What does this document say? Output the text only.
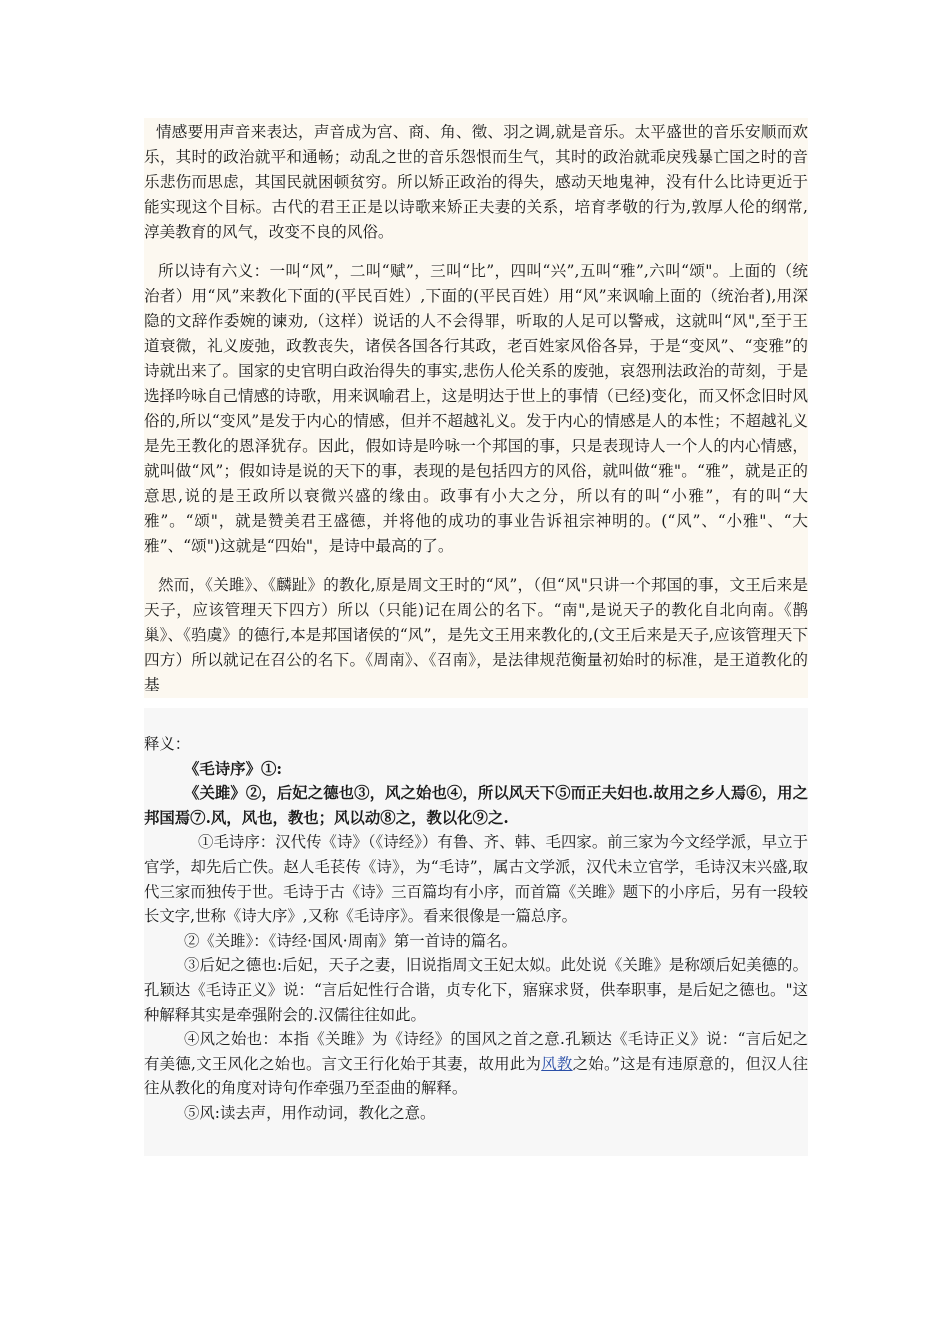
情感要用声音来表达，声音成为宫、商、角、徵、羽之调,就是音乐。太平盛世的音乐安顺而欢乐，其时的政治就平和通畅；动乱之世的音乐怨恨而生气，其时的政治就乖戾残暴亡国之时的音乐悲伤而思虑，其国民就困顿贫穷。所以矫正政治的得失，感动天地鬼神，没有什么比诗更近于能实现这个目标。古代的君王正是以诗歌来矫正夫妻的关系，培育孝敬的行为,敦厚人伦的纲常,淳美教育的风气，改变不良的风俗。

所以诗有六义：一叫“风”，二叫“赋”，三叫“比”，四叫“兴”,五叫“雅”,六叫“颂"。上面的（统治者）用“风”来教化下面的(平民百姓）,下面的(平民百姓）用“风”来讽喻上面的（统治者),用深隐的文辞作委婉的谏劝,（这样）说话的人不会得罪，听取的人足可以警戒，这就叫“风",至于王道衰微，礼义废弛，政教丧失，诸侯各国各行其政，老百姓家风俗各异，于是“变风”、“变雅”的诗就出来了。国家的史官明白政治得失的事实,悲伤人伦关系的废弛，哀怨刑法政治的苛刻，于是选择吟咏自己情感的诗歌，用来讽喻君上，这是明达于世上的事情（已经)变化，而又怀念旧时风俗的,所以“变风”是发于内心的情感，但并不超越礼义。发于内心的情感是人的本性；不超越礼义是先王教化的恩泽犹存。因此，假如诗是吟咏一个邦国的事，只是表现诗人一个人的内心情感，就叫做“风”；假如诗是说的天下的事，表现的是包括四方的风俗，就叫做“雅"。“雅”，就是正的意思,说的是王政所以衰微兴盛的缘由。政事有小大之分，所以有的叫“小雅”，有的叫“大雅”。“颂"，就是赞美君王盛德，并将他的成功的事业告诉祖宗神明的。(“风”、“小雅"、“大雅”、“颂")这就是“四始"，是诗中最高的了。

然而，《关雎》、《麟趾》的教化,原是周文王时的“风”，（但“风"只讲一个邦国的事，文王后来是天子，应该管理天下四方）所以（只能)记在周公的名下。“南",是说天子的教化自北向南。《鹊巢》、《驺虞》的德行,本是邦国诸侯的“风”，是先文王用来教化的,(文王后来是天子,应该管理天下四方）所以就记在召公的名下。《周南》、《召南》，是法律规范衡量初始时的标准，是王道教化的基

释义：

《毛诗序》①:

《关雎》②，后妃之德也③，风之始也④，所以风天下⑤而正夫妇也.故用之乡人焉⑥，用之邦国焉⑦.风，风也，教也；风以动⑧之，教以化⑨之.

①毛诗序：汉代传《诗》（《诗经》）有鲁、齐、韩、毛四家。前三家为今文经学派，早立于官学，却先后亡佚。赵人毛苌传《诗》，为“毛诗”，属古文学派，汉代未立官学，毛诗汉末兴盛,取代三家而独传于世。毛诗于古《诗》三百篇均有小序，而首篇《关雎》题下的小序后，另有一段较长文字,世称《诗大序》,又称《毛诗序》。看来很像是一篇总序。

②《关雎》：《诗经·国风·周南》第一首诗的篇名。

③后妃之德也:后妃，天子之妻，旧说指周文王妃太姒。此处说《关雎》是称颂后妃美德的。孔颖达《毛诗正义》说：“言后妃性行合谐，贞专化下，寤寐求贤，供奉职事，是后妃之德也。"这种解释其实是牵强附会的.汉儒往往如此。

④风之始也：本指《关雎》为《诗经》的国风之首之意.孔颖达《毛诗正义》说：“言后妃之有美德,文王风化之始也。言文王行化始于其妻，故用此为风教之始。”这是有违原意的，但汉人往往从教化的角度对诗句作牵强乃至歪曲的解释。

⑤风:读去声，用作动词，教化之意。
